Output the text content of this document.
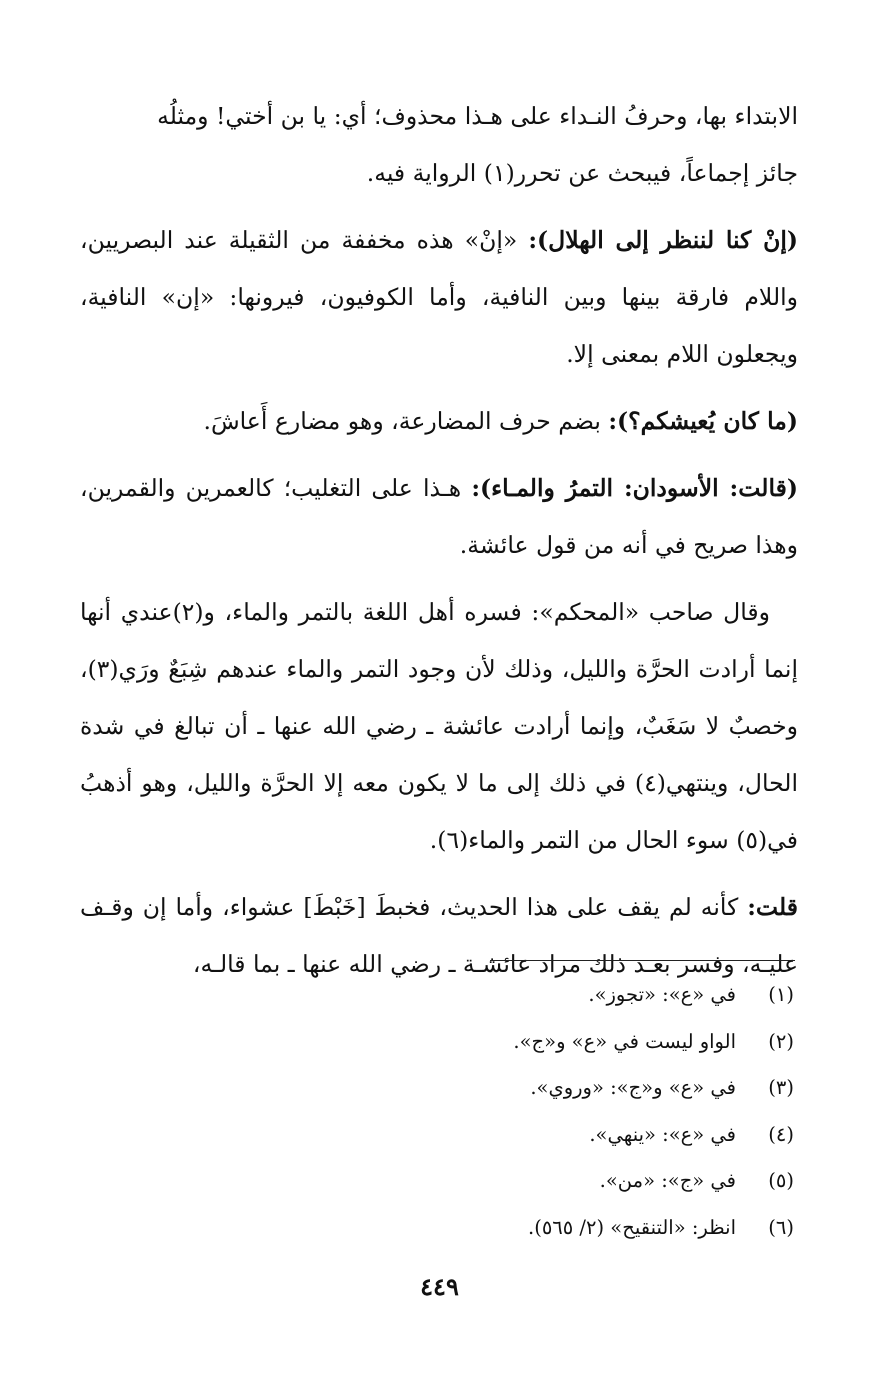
الابتداء بها، وحرفُ النـداء على هـذا محذوف؛ أي: يا بن أختي! ومثلُه
جائز إجماعاً، فيبحث عن تحرر(١) الرواية فيه.

(إنْ كنا لننظر إلى الهلال): «إنْ» هذه مخففة من الثقيلة عند البصريين، واللام فارقة بينها وبين النافية، وأما الكوفيون، فيرونها: «إن» النافية، ويجعلون اللام بمعنى إلا.

(ما كان يُعيشكم؟): بضم حرف المضارعة، وهو مضارع أَعاشَ.

(قالت: الأسودان: التمرُ والمـاء): هـذا على التغليب؛ كالعمرين والقمرين، وهذا صريح في أنه من قول عائشة.

وقال صاحب «المحكم»: فسره أهل اللغة بالتمر والماء، و(٢)عندي أنها إنما أرادت الحرَّة والليل، وذلك لأن وجود التمر والماء عندهم شِبَعٌ ورَي(٣)، وخصبٌ لا سَغَبٌ، وإنما أرادت عائشة ـ رضي الله عنها ـ أن تبالغ في شدة الحال، وينتهي(٤) في ذلك إلى ما لا يكون معه إلا الحرَّة والليل، وهو أذهبُ في(٥) سوء الحال من التمر والماء(٦).

قلت: كأنه لم يقف على هذا الحديث، فخبطَ [خَبْطَ] عشواء، وأما إن وقـف عليـه، وفسر بعـد ذلك مراد عائشـة ـ رضي الله عنها ـ بما قالـه،

(١)
في «ع»: «تجوز».
(٢)
الواو ليست في «ع» و«ج».
(٣)
في «ع» و«ج»: «وروي».
(٤)
في «ع»: «ينهي».
(٥)
في «ج»: «من».
(٦)
انظر: «التنقيح» (٢/ ٥٦٥).
٤٤٩
